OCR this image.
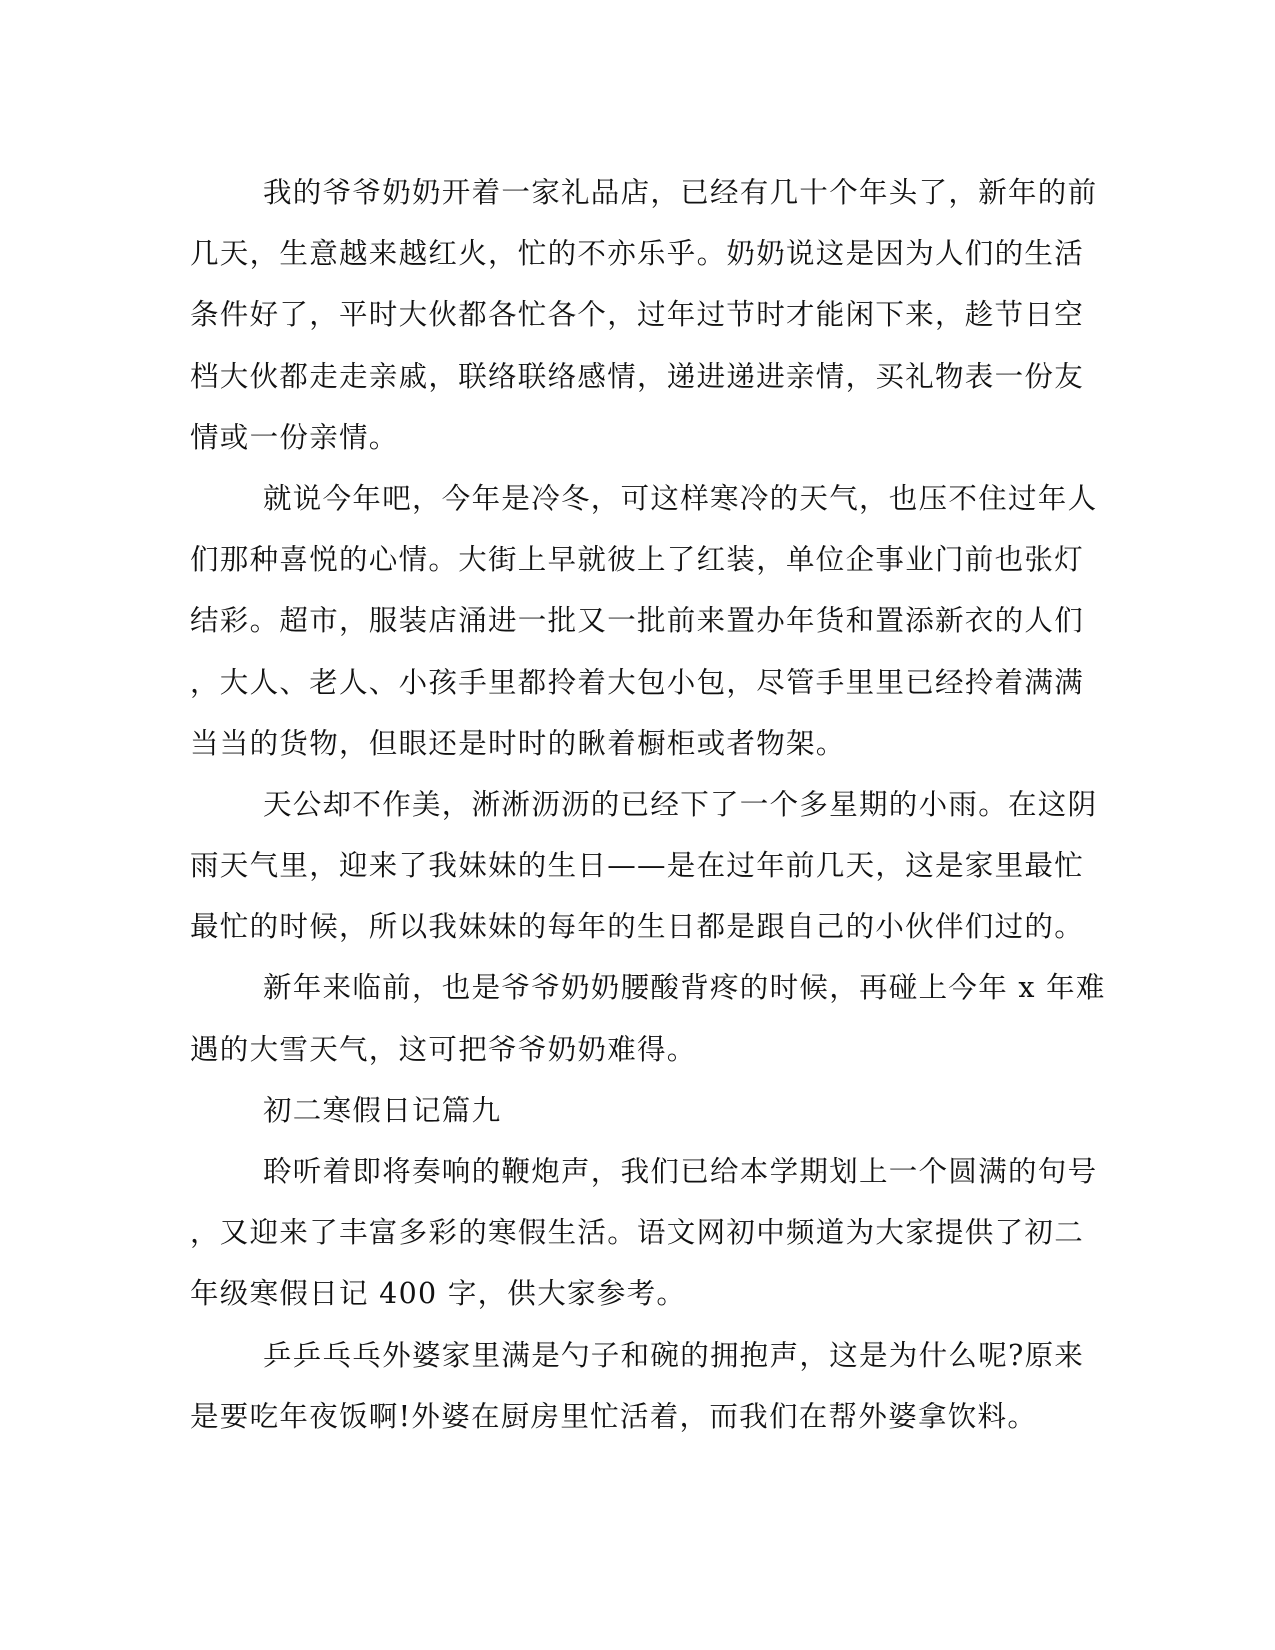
我的爷爷奶奶开着一家礼品店，已经有几十个年头了，新年的前
几天，生意越来越红火，忙的不亦乐乎。奶奶说这是因为人们的生活
条件好了，平时大伙都各忙各个，过年过节时才能闲下来，趁节日空
档大伙都走走亲戚，联络联络感情，递进递进亲情，买礼物表一份友
情或一份亲情。
就说今年吧，今年是冷冬，可这样寒冷的天气，也压不住过年人
们那种喜悦的心情。大街上早就彼上了红装，单位企事业门前也张灯
结彩。超市，服装店涌进一批又一批前来置办年货和置添新衣的人们
，大人、老人、小孩手里都拎着大包小包，尽管手里里已经拎着满满
当当的货物，但眼还是时时的瞅着橱柜或者物架。
天公却不作美，淅淅沥沥的已经下了一个多星期的小雨。在这阴
雨天气里，迎来了我妹妹的生日——是在过年前几天，这是家里最忙
最忙的时候，所以我妹妹的每年的生日都是跟自己的小伙伴们过的。
新年来临前，也是爷爷奶奶腰酸背疼的时候，再碰上今年 x 年难
遇的大雪天气，这可把爷爷奶奶难得。
初二寒假日记篇九
聆听着即将奏响的鞭炮声，我们已给本学期划上一个圆满的句号
，又迎来了丰富多彩的寒假生活。语文网初中频道为大家提供了初二
年级寒假日记 400 字，供大家参考。
乒乒乓乓外婆家里满是勺子和碗的拥抱声，这是为什么呢?原来
是要吃年夜饭啊!外婆在厨房里忙活着，而我们在帮外婆拿饮料。
